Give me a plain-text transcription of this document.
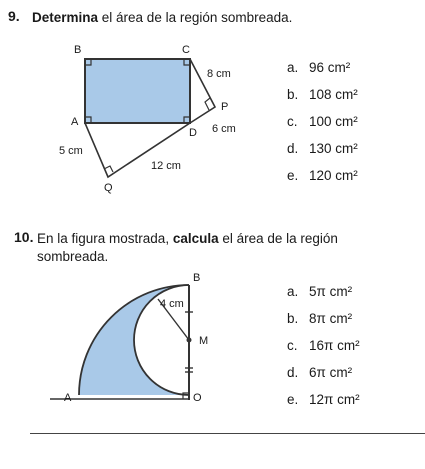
9. Determina el área de la región sombreada.
B	C
A
D
P
Q
8 cm
6 cm
5 cm
12 cm
a. 96 cm²
b. 108 cm²
c. 100 cm²
d. 130 cm²
e. 120 cm²
10. En la figura mostrada, calcula el área de la región
sombreada.
B
4 cm
M
A	O
a. 5π cm²
b. 8π cm²
c. 16π cm²
d. 6π cm²
e. 12π cm²
